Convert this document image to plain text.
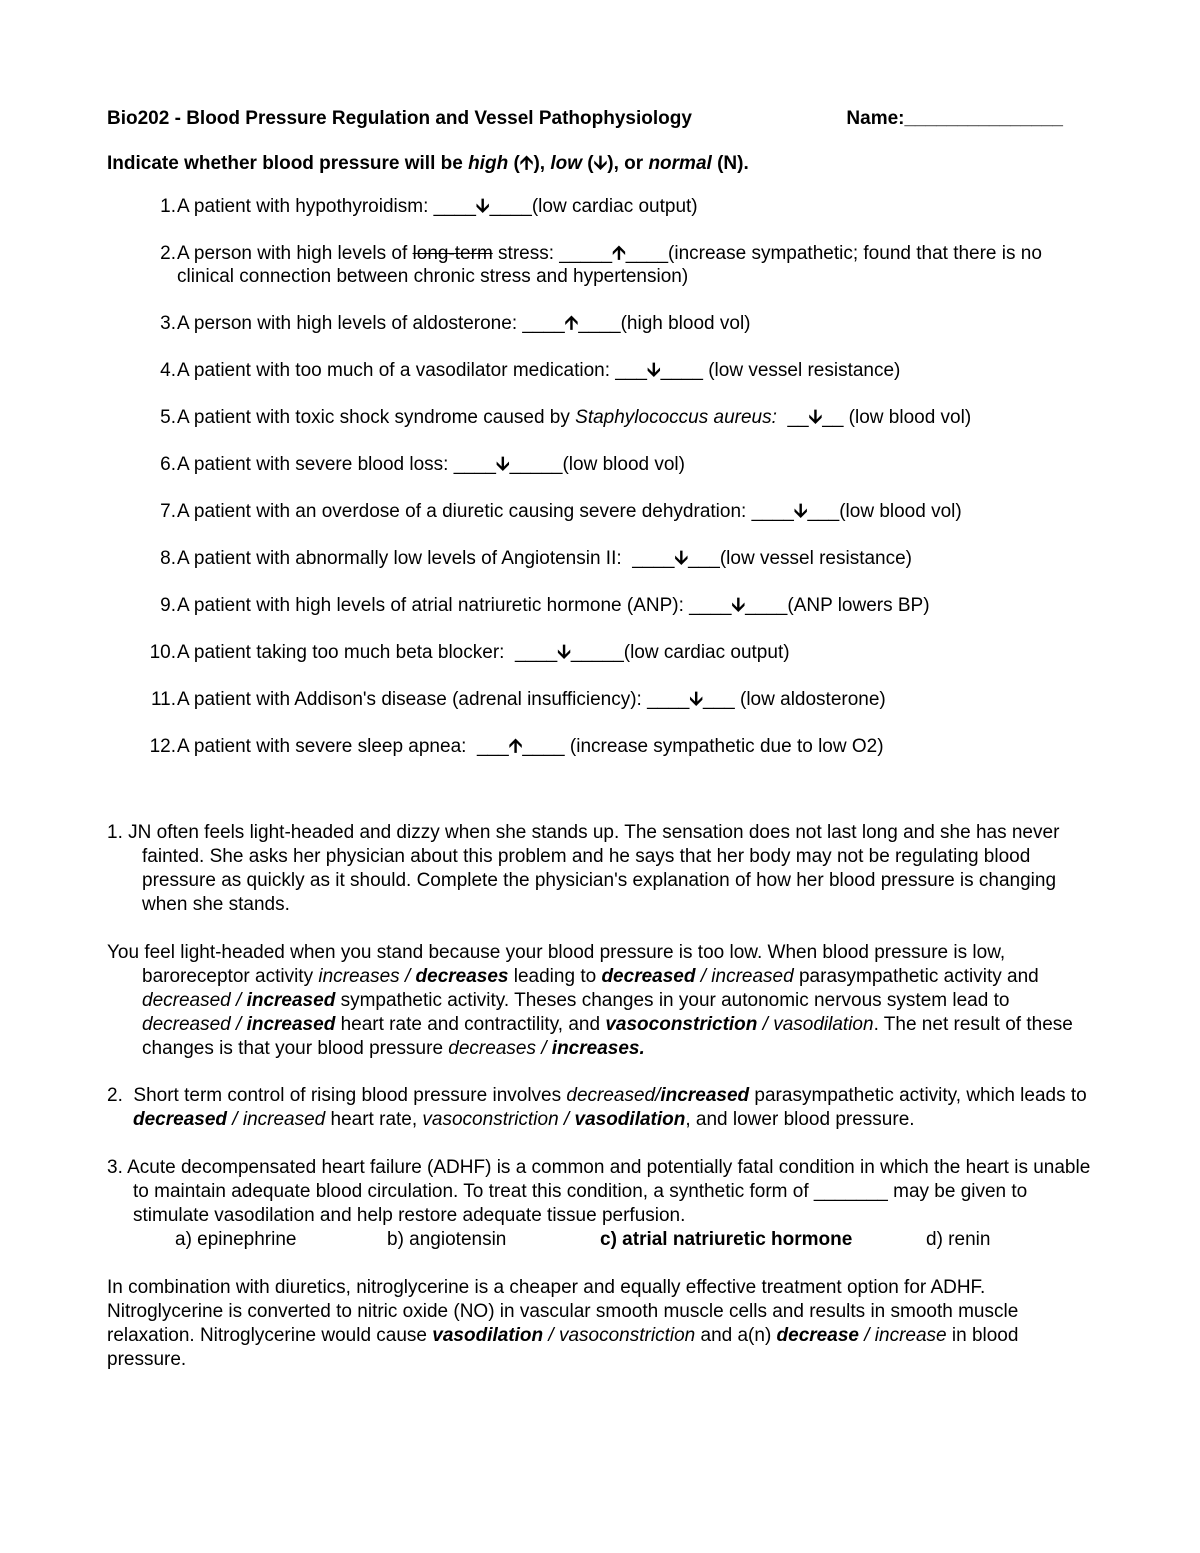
Bio202 - Blood Pressure Regulation and Vessel Pathophysiology	Name:_______________
Indicate whether blood pressure will be high (🡩), low (🡫), or normal (N).
1. A patient with hypothyroidism: ____🡫____(low cardiac output)
2. A person with high levels of long-term stress: _____🡩____(increase sympathetic; found that there is no clinical connection between chronic stress and hypertension)
3. A person with high levels of aldosterone: ____🡩____(high blood vol)
4. A patient with too much of a vasodilator medication: ___🡫____ (low vessel resistance)
5. A patient with toxic shock syndrome caused by Staphylococcus aureus:  __🡫__ (low blood vol)
6. A patient with severe blood loss: ____🡫_____(low blood vol)
7. A patient with an overdose of a diuretic causing severe dehydration: ____🡫___(low blood vol)
8. A patient with abnormally low levels of Angiotensin II:  ____🡫___(low vessel resistance)
9. A patient with high levels of atrial natriuretic hormone (ANP): ____🡫____(ANP lowers BP)
10. A patient taking too much beta blocker:  ____🡫_____(low cardiac output)
11. A patient with Addison's disease (adrenal insufficiency): ____🡫___ (low aldosterone)
12. A patient with severe sleep apnea:  ___🡩____ (increase sympathetic due to low O2)
1. JN often feels light-headed and dizzy when she stands up. The sensation does not last long and she has never fainted. She asks her physician about this problem and he says that her body may not be regulating blood pressure as quickly as it should. Complete the physician's explanation of how her blood pressure is changing when she stands.
You feel light-headed when you stand because your blood pressure is too low. When blood pressure is low, baroreceptor activity increases / decreases leading to decreased / increased parasympathetic activity and decreased / increased sympathetic activity. Theses changes in your autonomic nervous system lead to decreased / increased heart rate and contractility, and vasoconstriction / vasodilation. The net result of these changes is that your blood pressure decreases / increases.
2.  Short term control of rising blood pressure involves decreased/increased parasympathetic activity, which leads to decreased / increased heart rate, vasoconstriction / vasodilation, and lower blood pressure.
3. Acute decompensated heart failure (ADHF) is a common and potentially fatal condition in which the heart is unable to maintain adequate blood circulation. To treat this condition, a synthetic form of _______ may be given to stimulate vasodilation and help restore adequate tissue perfusion.
a) epinephrine	b) angiotensin	c) atrial natriuretic hormone	d) renin
In combination with diuretics, nitroglycerine is a cheaper and equally effective treatment option for ADHF. Nitroglycerine is converted to nitric oxide (NO) in vascular smooth muscle cells and results in smooth muscle relaxation. Nitroglycerine would cause vasodilation / vasoconstriction and a(n) decrease / increase in blood pressure.
